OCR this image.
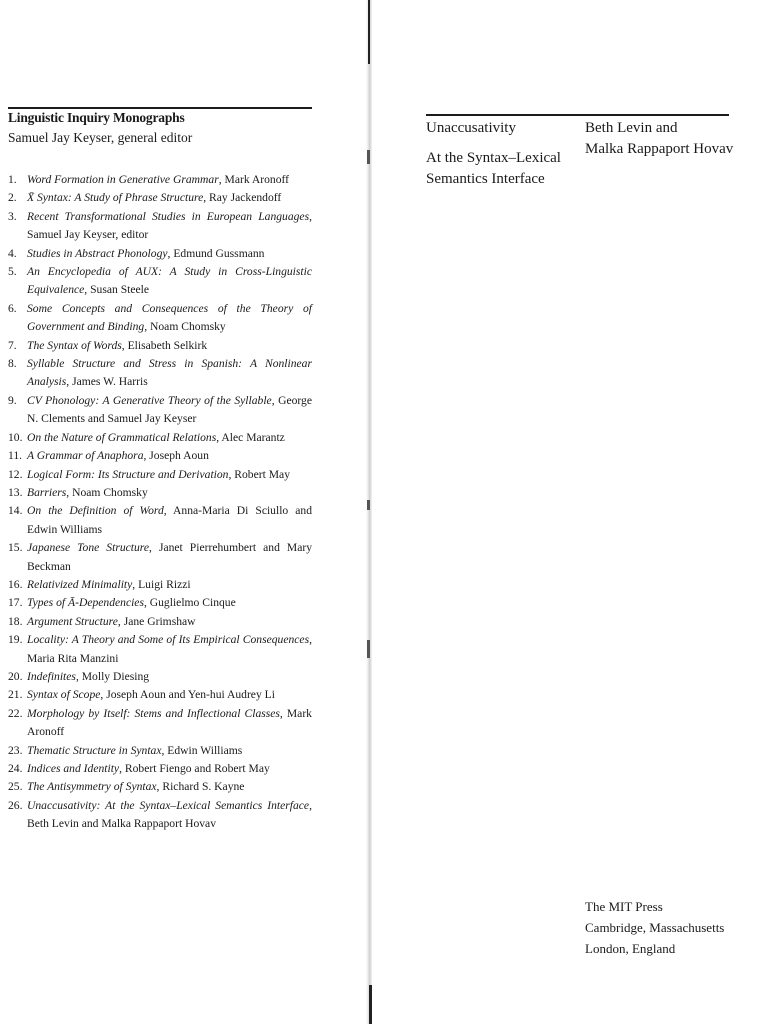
Linguistic Inquiry Monographs
Samuel Jay Keyser, general editor
1. Word Formation in Generative Grammar, Mark Aronoff
2. X̄ Syntax: A Study of Phrase Structure, Ray Jackendoff
3. Recent Transformational Studies in European Languages, Samuel Jay Keyser, editor
4. Studies in Abstract Phonology, Edmund Gussmann
5. An Encyclopedia of AUX: A Study in Cross-Linguistic Equivalence, Susan Steele
6. Some Concepts and Consequences of the Theory of Government and Binding, Noam Chomsky
7. The Syntax of Words, Elisabeth Selkirk
8. Syllable Structure and Stress in Spanish: A Nonlinear Analysis, James W. Harris
9. CV Phonology: A Generative Theory of the Syllable, George N. Clements and Samuel Jay Keyser
10. On the Nature of Grammatical Relations, Alec Marantz
11. A Grammar of Anaphora, Joseph Aoun
12. Logical Form: Its Structure and Derivation, Robert May
13. Barriers, Noam Chomsky
14. On the Definition of Word, Anna-Maria Di Sciullo and Edwin Williams
15. Japanese Tone Structure, Janet Pierrehumbert and Mary Beckman
16. Relativized Minimality, Luigi Rizzi
17. Types of Ā-Dependencies, Guglielmo Cinque
18. Argument Structure, Jane Grimshaw
19. Locality: A Theory and Some of Its Empirical Consequences, Maria Rita Manzini
20. Indefinites, Molly Diesing
21. Syntax of Scope, Joseph Aoun and Yen-hui Audrey Li
22. Morphology by Itself: Stems and Inflectional Classes, Mark Aronoff
23. Thematic Structure in Syntax, Edwin Williams
24. Indices and Identity, Robert Fiengo and Robert May
25. The Antisymmetry of Syntax, Richard S. Kayne
26. Unaccusativity: At the Syntax–Lexical Semantics Interface, Beth Levin and Malka Rappaport Hovav
Unaccusativity
At the Syntax–Lexical
Semantics Interface
Beth Levin and
Malka Rappaport Hovav
The MIT Press
Cambridge, Massachusetts
London, England
